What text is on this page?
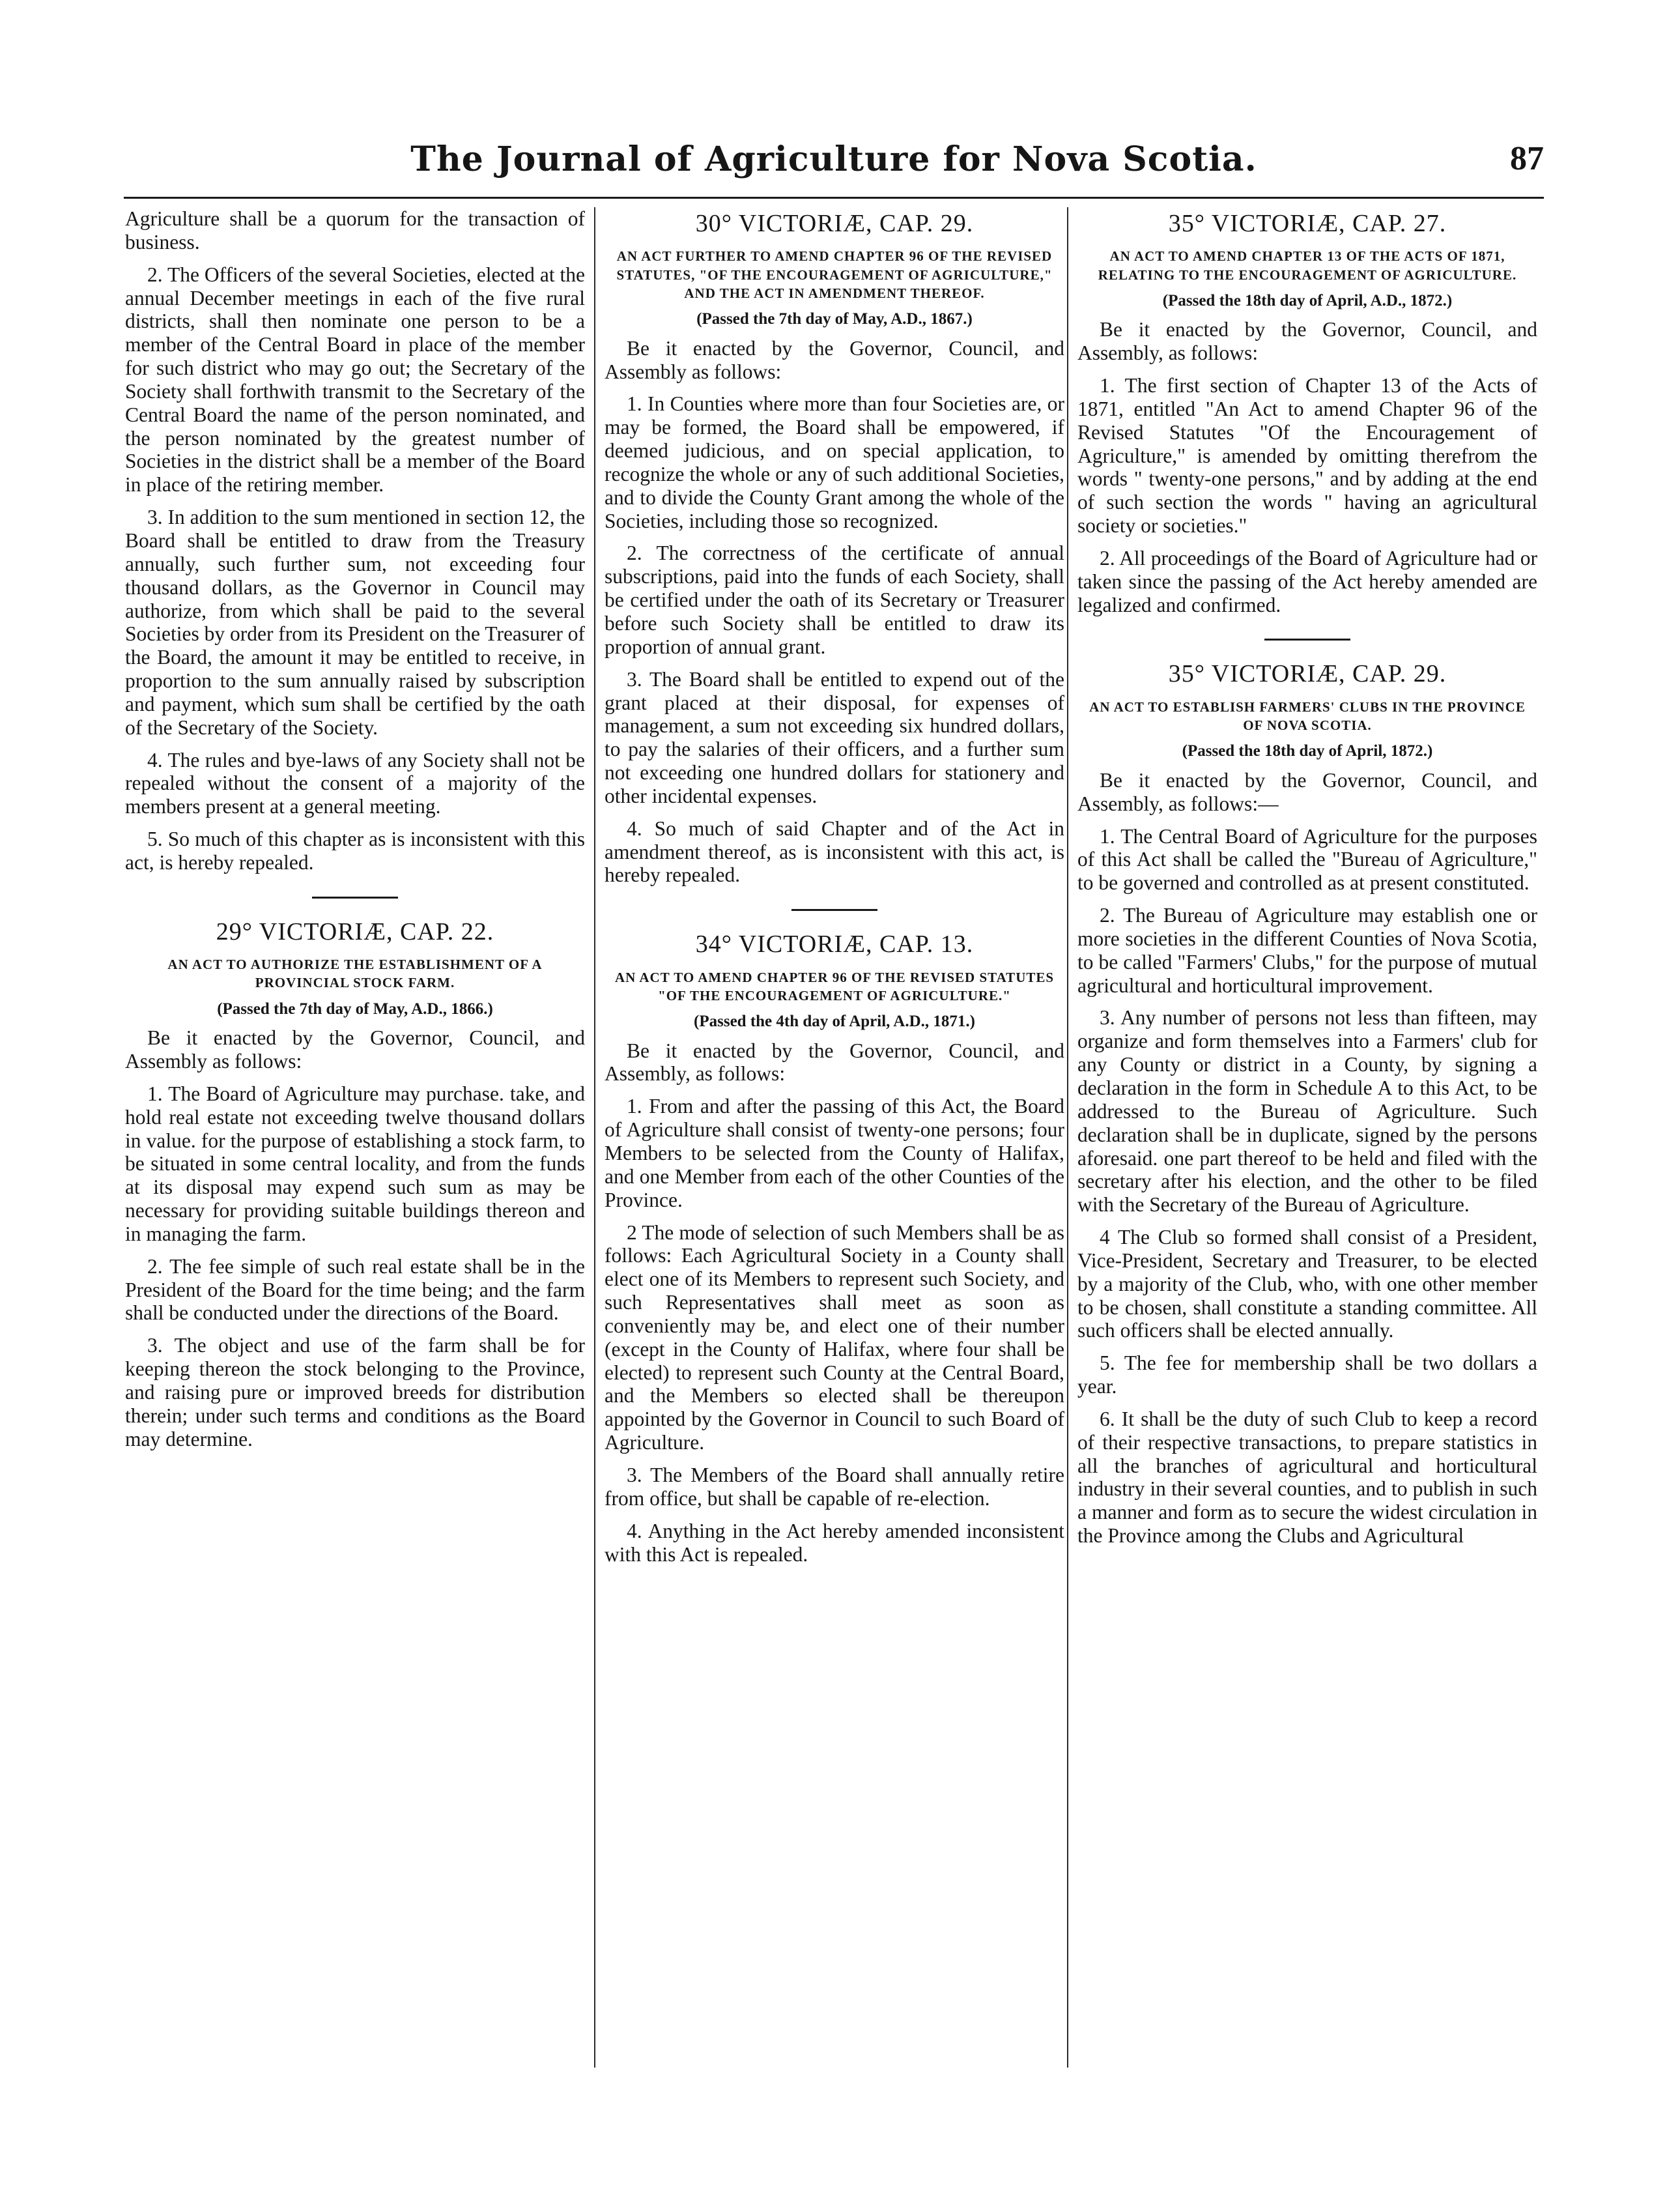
The Journal of Agriculture for Nova Scotia.	87

Agriculture shall be a quorum for the transaction of business.

2. The Officers of the several Societies, elected at the annual December meetings in each of the five rural districts, shall then nominate one person to be a member of the Central Board in place of the member for such district who may go out; the Secretary of the Society shall forthwith transmit to the Secretary of the Central Board the name of the person nominated, and the person nominated by the greatest number of Societies in the district shall be a member of the Board in place of the retiring member.

3. In addition to the sum mentioned in section 12, the Board shall be entitled to draw from the Treasury annually, such further sum, not exceeding four thousand dollars, as the Governor in Council may authorize, from which shall be paid to the several Societies by order from its President on the Treasurer of the Board, the amount it may be entitled to receive, in proportion to the sum annually raised by subscription and payment, which sum shall be certified by the oath of the Secretary of the Society.

4. The rules and bye-laws of any Society shall not be repealed without the consent of a majority of the members present at a general meeting.

5. So much of this chapter as is inconsistent with this act, is hereby repealed.

29° VICTORIÆ, CAP. 22.
AN ACT TO AUTHORIZE THE ESTABLISHMENT OF A PROVINCIAL STOCK FARM.
(Passed the 7th day of May, A.D., 1866.)

Be it enacted by the Governor, Council, and Assembly as follows:

1. The Board of Agriculture may purchase. take, and hold real estate not exceeding twelve thousand dollars in value. for the purpose of establishing a stock farm, to be situated in some central locality, and from the funds at its disposal may expend such sum as may be necessary for providing suitable buildings thereon and in managing the farm.

2. The fee simple of such real estate shall be in the President of the Board for the time being; and the farm shall be conducted under the directions of the Board.

3. The object and use of the farm shall be for keeping thereon the stock belonging to the Province, and raising pure or improved breeds for distribution therein; under such terms and conditions as the Board may determine.

30° VICTORIÆ, CAP. 29.
AN ACT FURTHER TO AMEND CHAPTER 96 OF THE REVISED STATUTES, "OF THE ENCOURAGEMENT OF AGRICULTURE," AND THE ACT IN AMENDMENT THEREOF.
(Passed the 7th day of May, A.D., 1867.)

Be it enacted by the Governor, Council, and Assembly as follows:

1. In Counties where more than four Societies are, or may be formed, the Board shall be empowered, if deemed judicious, and on special application, to recognize the whole or any of such additional Societies, and to divide the County Grant among the whole of the Societies, including those so recognized.

2. The correctness of the certificate of annual subscriptions, paid into the funds of each Society, shall be certified under the oath of its Secretary or Treasurer before such Society shall be entitled to draw its proportion of annual grant.

3. The Board shall be entitled to expend out of the grant placed at their disposal, for expenses of management, a sum not exceeding six hundred dollars, to pay the salaries of their officers, and a further sum not exceeding one hundred dollars for stationery and other incidental expenses.

4. So much of said Chapter and of the Act in amendment thereof, as is inconsistent with this act, is hereby repealed.

34° VICTORIÆ, CAP. 13.
AN ACT TO AMEND CHAPTER 96 OF THE REVISED STATUTES "OF THE ENCOURAGEMENT OF AGRICULTURE."
(Passed the 4th day of April, A.D., 1871.)

Be it enacted by the Governor, Council, and Assembly, as follows:

1. From and after the passing of this Act, the Board of Agriculture shall consist of twenty-one persons; four Members to be selected from the County of Halifax, and one Member from each of the other Counties of the Province.

2 The mode of selection of such Members shall be as follows: Each Agricultural Society in a County shall elect one of its Members to represent such Society, and such Representatives shall meet as soon as conveniently may be, and elect one of their number (except in the County of Halifax, where four shall be elected) to represent such County at the Central Board, and the Members so elected shall be thereupon appointed by the Governor in Council to such Board of Agriculture.

3. The Members of the Board shall annually retire from office, but shall be capable of re-election.

4. Anything in the Act hereby amended inconsistent with this Act is repealed.

35° VICTORIÆ, CAP. 27.
AN ACT TO AMEND CHAPTER 13 OF THE ACTS OF 1871, RELATING TO THE ENCOURAGEMENT OF AGRICULTURE.
(Passed the 18th day of April, A.D., 1872.)

Be it enacted by the Governor, Council, and Assembly, as follows:

1. The first section of Chapter 13 of the Acts of 1871, entitled "An Act to amend Chapter 96 of the Revised Statutes "Of the Encouragement of Agriculture," is amended by omitting therefrom the words " twenty-one persons," and by adding at the end of such section the words " having an agricultural society or societies."

2. All proceedings of the Board of Agriculture had or taken since the passing of the Act hereby amended are legalized and confirmed.

35° VICTORIÆ, CAP. 29.
AN ACT TO ESTABLISH FARMERS' CLUBS IN THE PROVINCE OF NOVA SCOTIA.
(Passed the 18th day of April, 1872.)

Be it enacted by the Governor, Council, and Assembly, as follows:—

1. The Central Board of Agriculture for the purposes of this Act shall be called the "Bureau of Agriculture," to be governed and controlled as at present constituted.

2. The Bureau of Agriculture may establish one or more societies in the different Counties of Nova Scotia, to be called "Farmers' Clubs," for the purpose of mutual agricultural and horticultural improvement.

3. Any number of persons not less than fifteen, may organize and form themselves into a Farmers' club for any County or district in a County, by signing a declaration in the form in Schedule A to this Act, to be addressed to the Bureau of Agriculture. Such declaration shall be in duplicate, signed by the persons aforesaid. one part thereof to be held and filed with the secretary after his election, and the other to be filed with the Secretary of the Bureau of Agriculture.

4 The Club so formed shall consist of a President, Vice-President, Secretary and Treasurer, to be elected by a majority of the Club, who, with one other member to be chosen, shall constitute a standing committee. All such officers shall be elected annually.

5. The fee for membership shall be two dollars a year.

6. It shall be the duty of such Club to keep a record of their respective transactions, to prepare statistics in all the branches of agricultural and horticultural industry in their several counties, and to publish in such a manner and form as to secure the widest circulation in the Province among the Clubs and Agricultural
